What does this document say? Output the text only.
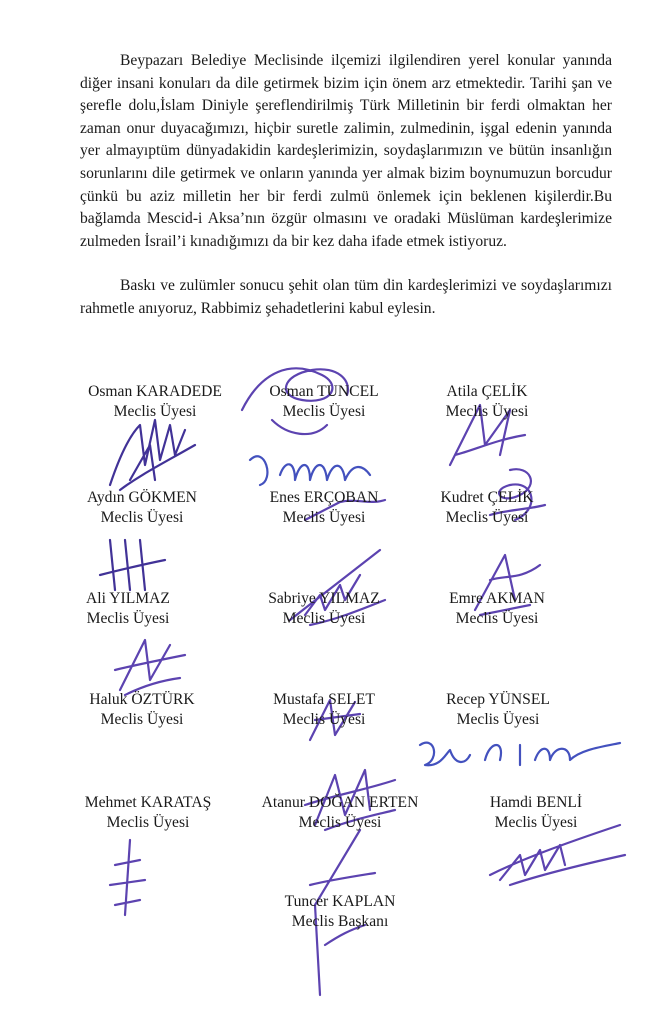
Beypazarı Belediye Meclisinde ilçemizi ilgilendiren yerel konular yanında diğer insani konuları da dile getirmek bizim için önem arz etmektedir. Tarihi şan ve şerefle dolu,İslam Diniyle şereflendirilmiş Türk Milletinin bir ferdi olmaktan her zaman onur duyacağımızı, hiçbir suretle zalimin, zulmedinin, işgal edenin yanında yer almayıptüm dünyadakidin kardeşlerimizin, soydaşlarımızın ve bütün insanlığın sorunlarını dile getirmek ve onların yanında yer almak bizim boynumuzun borcudur çünkü bu aziz milletin her bir ferdi zulmü önlemek için beklenen kişilerdir.Bu bağlamda Mescid-i Aksa’nın özgür olmasını ve oradaki Müslüman kardeşlerimize zulmeden İsrail’i kınadığımızı da bir kez daha ifade etmek istiyoruz.

Baskı ve zulümler sonucu şehit olan tüm din kardeşlerimizi ve soydaşlarımızı rahmetle anıyoruz, Rabbimiz şehadetlerini kabul eylesin.

Osman KARADEDE
Meclis Üyesi
Osman TUNCEL
Meclis Üyesi
Atila ÇELİK
Meclis Üyesi
Aydın GÖKMEN
Meclis Üyesi
Enes ERÇOBAN
Meclis Üyesi
Kudret ÇELİK
Meclis Üyesi
Ali YILMAZ
Meclis Üyesi
Sabriye YILMAZ
Meclis Üyesi
Emre AKMAN
Meclis Üyesi
Haluk ÖZTÜRK
Meclis Üyesi
Mustafa SELET
Meclis Üyesi
Recep YÜNSEL
Meclis Üyesi
Mehmet KARATAŞ
Meclis Üyesi
Atanur DOĞAN ERTEN
Meclis Üyesi
Hamdi BENLİ
Meclis Üyesi
Tuncer KAPLAN
Meclis Başkanı
